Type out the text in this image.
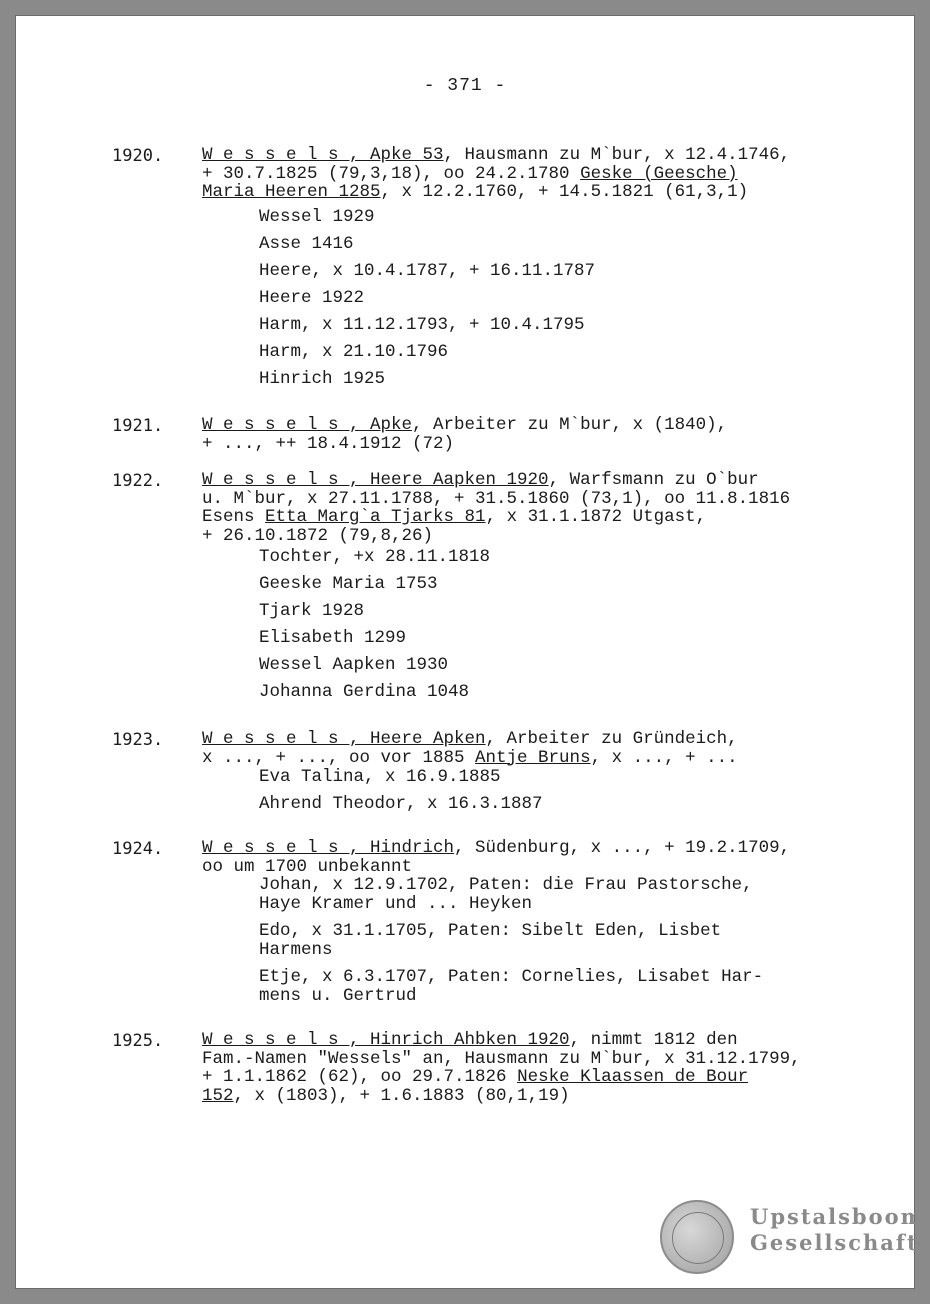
- 371 -
1920. W e s s e l s , Apke 53, Hausmann zu M`bur, x 12.4.1746,
+ 30.7.1825 (79,3,18), oo 24.2.1780 Geske (Geesche)
Maria Heeren 1285, x 12.2.1760, + 14.5.1821 (61,3,1)
1921. W e s s e l s , Apke, Arbeiter zu M`bur, x (1840),
+ ..., ++ 18.4.1912 (72)
1922. W e s s e l s , Heere Aapken 1920, Warfsmann zu O`bur
u. M`bur, x 27.11.1788, + 31.5.1860 (73,1), oo 11.8.1816
Esens Etta Marg`a Tjarks 81, x 31.1.1872 Utgast,
+ 26.10.1872 (79,8,26)
1923. W e s s e l s , Heere Apken, Arbeiter zu Gründeich,
x ..., + ..., oo vor 1885 Antje Bruns, x ..., + ...
1924. W e s s e l s , Hindrich, Südenburg, x ..., + 19.2.1709,
oo um 1700 unbekannt
1925. W e s s e l s , Hinrich Ahbken 1920, nimmt 1812 den
Fam.-Namen "Wessels" an, Hausmann zu M`bur, x 31.12.1799,
+ 1.1.1862 (62), oo 29.7.1826 Neske Klaassen de Bour
152, x (1803), + 1.6.1883 (80,1,19)
Upstalsboom
Gesellschaft
Wessel 1929
Asse 1416
Heere, x 10.4.1787, + 16.11.1787
Heere 1922
Harm, x 11.12.1793, + 10.4.1795
Harm, x 21.10.1796
Hinrich 1925
Tochter, +x 28.11.1818
Geeske Maria 1753
Tjark 1928
Elisabeth 1299
Wessel Aapken 1930
Johanna Gerdina 1048
Eva Talina, x 16.9.1885
Ahrend Theodor, x 16.3.1887
Johan, x 12.9.1702, Paten: die Frau Pastorsche,
Haye Kramer und ... Heyken
Edo, x 31.1.1705, Paten: Sibelt Eden, Lisbet
Harmens
Etje, x 6.3.1707, Paten: Cornelies, Lisabet Har-
mens u. Gertrud
